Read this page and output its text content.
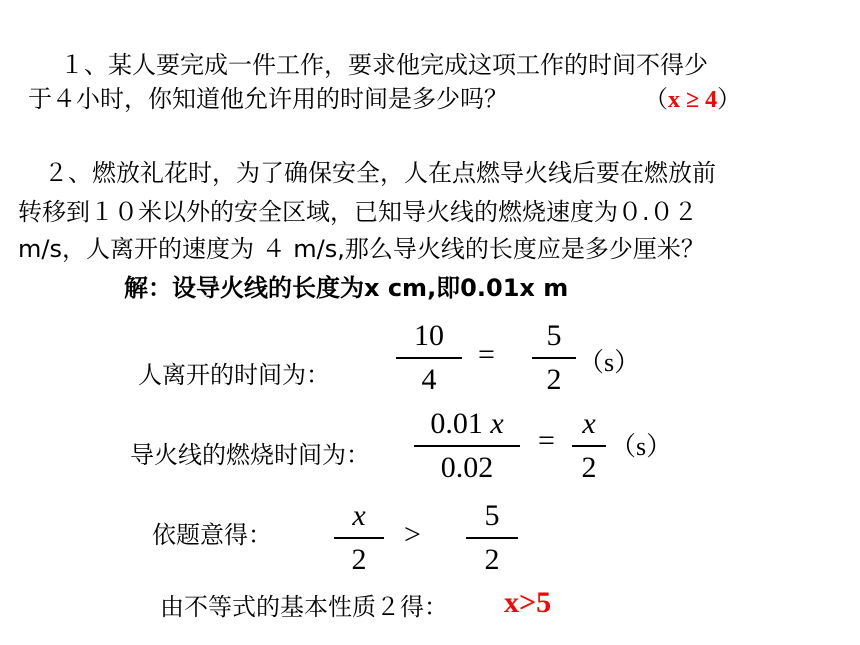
１、某人要完成一件工作，要求他完成这项工作的时间不得少
于４小时，你知道他允许用的时间是多少吗？	（x ≥ 4）
２、燃放礼花时，为了确保安全，人在点燃导火线后要在燃放前
转移到１０米以外的安全区域，已知导火线的燃烧速度为０.０２
m/s，人离开的速度为 ４ m/s,那么导火线的长度应是多少厘米？
解：设导火线的长度为x cm,即0.01x m
人离开的时间为：
10
4
=
5
2
（s）
导火线的燃烧时间为：
0.01 x
0.02
=
x
2
（s）
依题意得：
x
2
>
5
2
由不等式的基本性质２得： x>5
